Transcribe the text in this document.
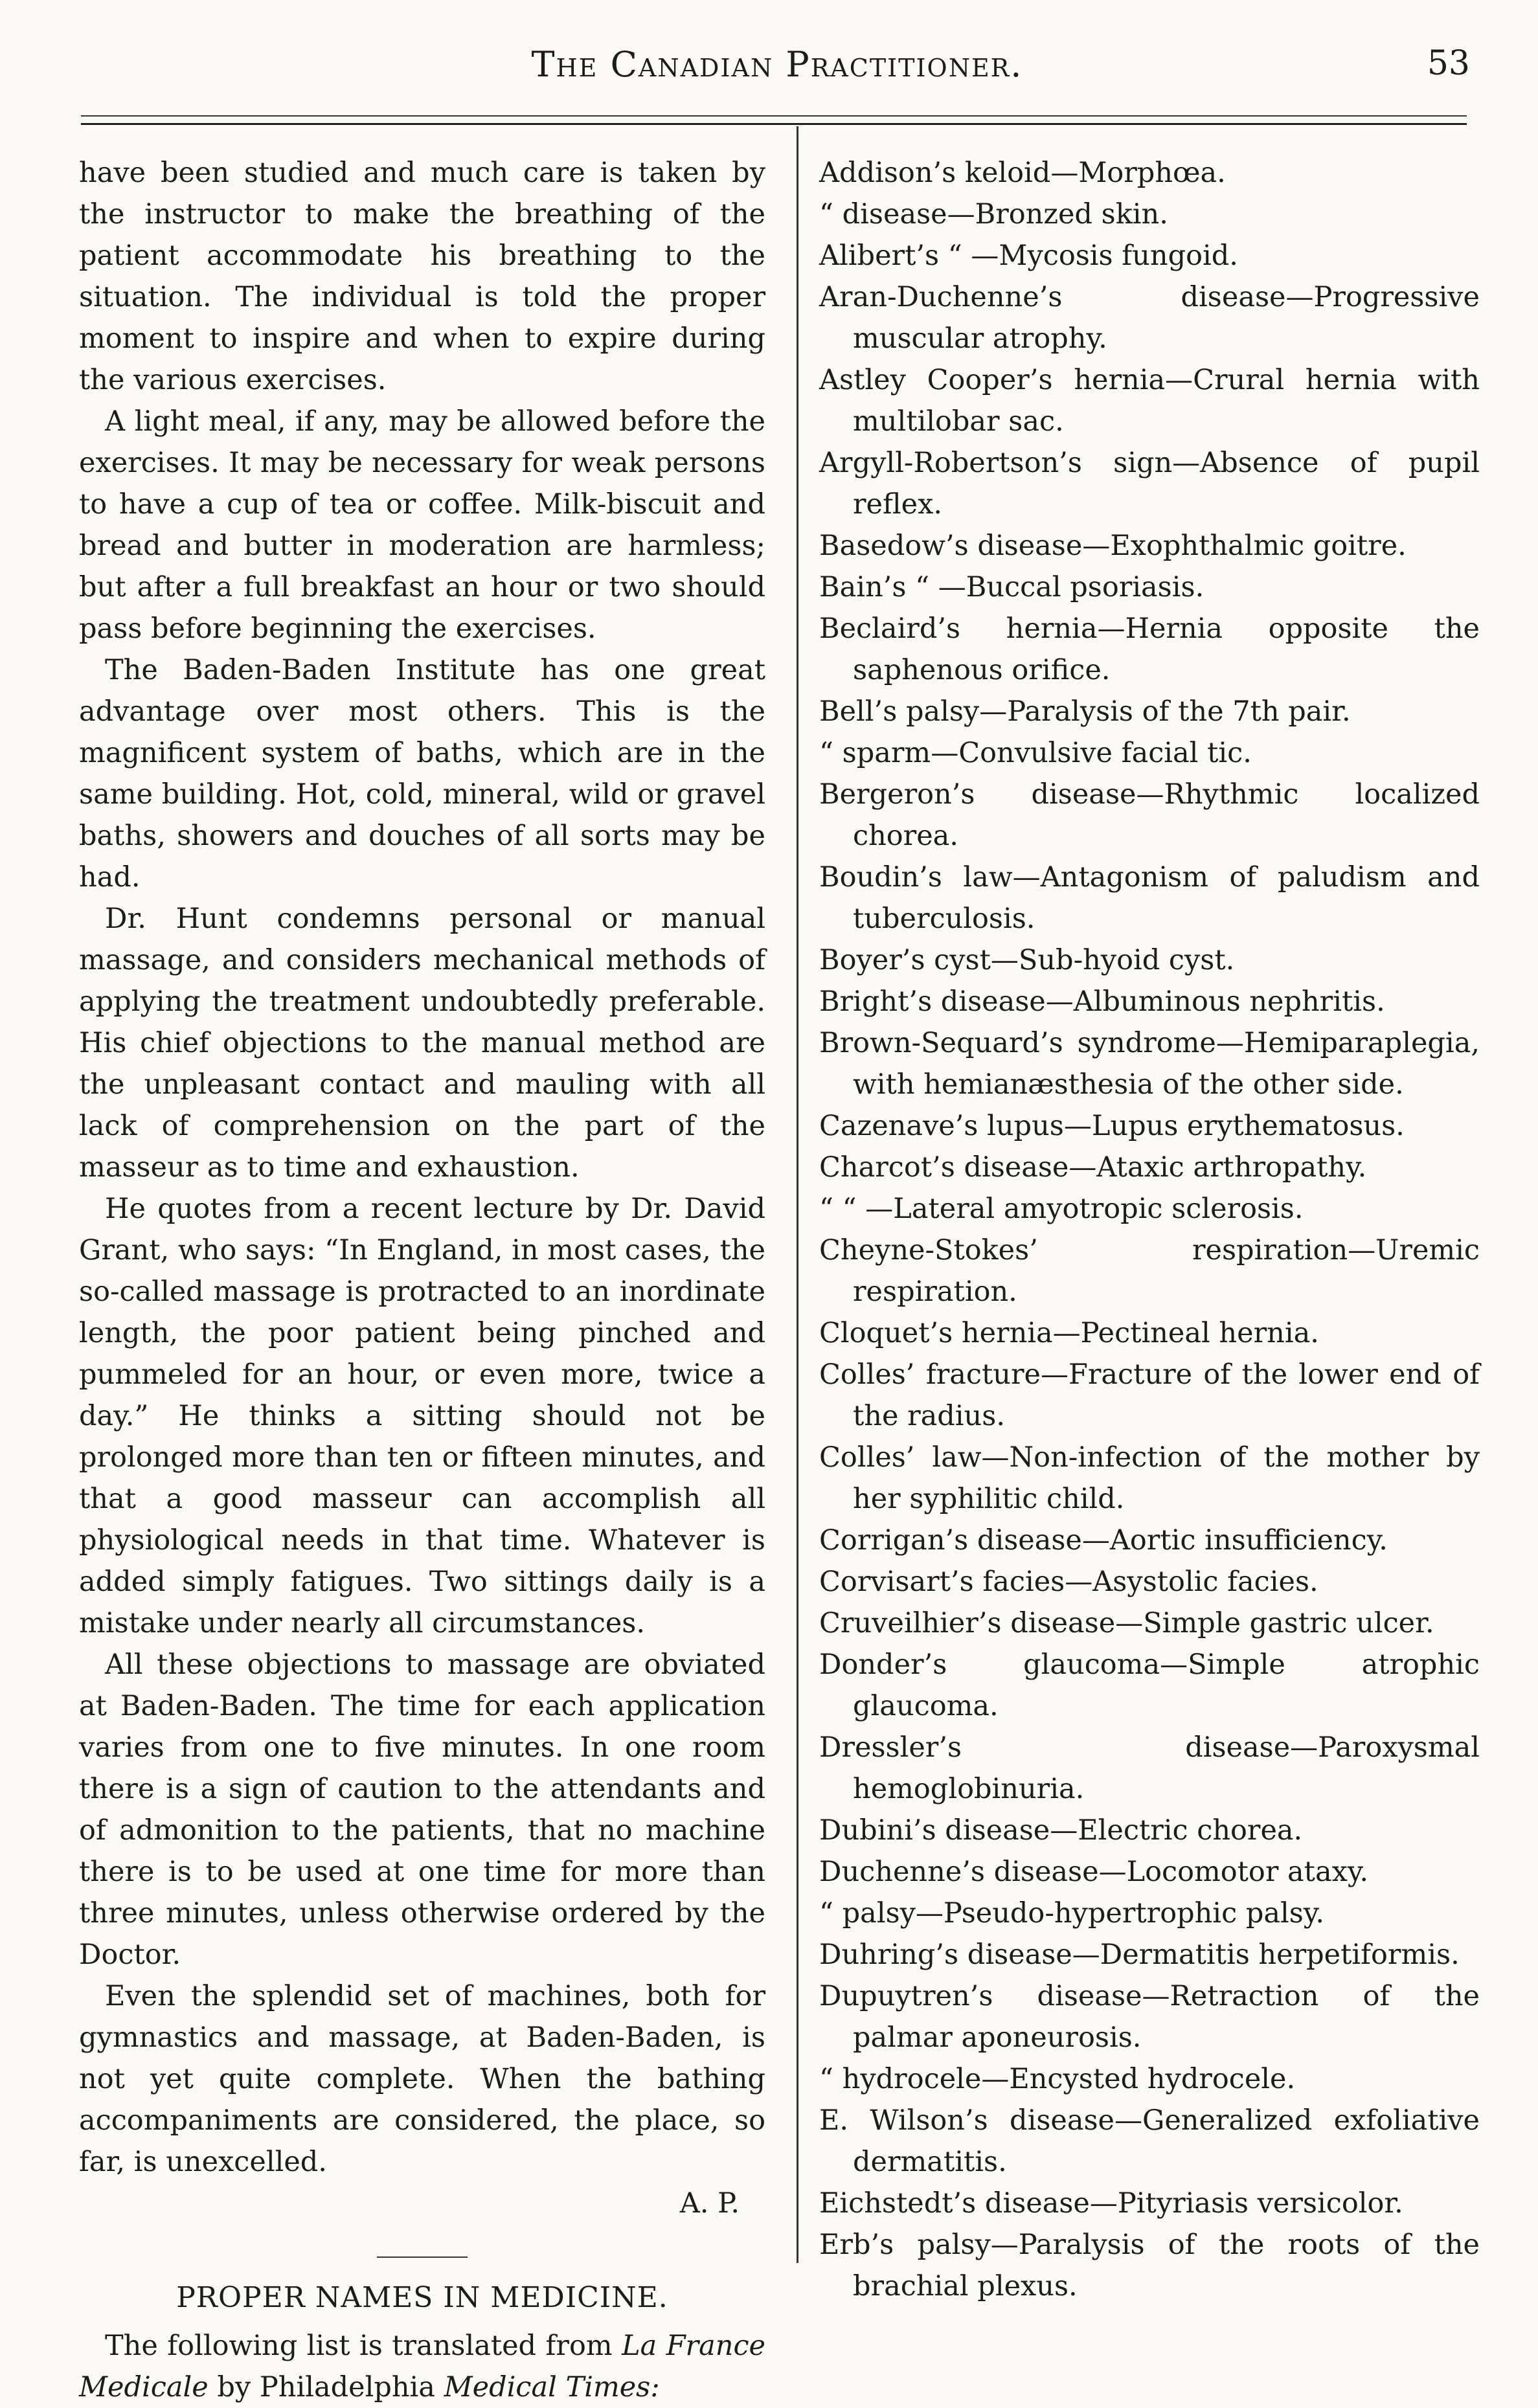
The Canadian Practitioner.	53

have been studied and much care is taken by the instructor to make the breathing of the patient accommodate his breathing to the situation. The individual is told the proper moment to inspire and when to expire during the various exercises.

A light meal, if any, may be allowed before the exercises. It may be necessary for weak persons to have a cup of tea or coffee. Milk-biscuit and bread and butter in moderation are harmless; but after a full breakfast an hour or two should pass before beginning the exercises.

The Baden-Baden Institute has one great advantage over most others. This is the magnificent system of baths, which are in the same building. Hot, cold, mineral, wild or gravel baths, showers and douches of all sorts may be had.

Dr. Hunt condemns personal or manual massage, and considers mechanical methods of applying the treatment undoubtedly preferable. His chief objections to the manual method are the unpleasant contact and mauling with all lack of comprehension on the part of the masseur as to time and exhaustion.

He quotes from a recent lecture by Dr. David Grant, who says: “In England, in most cases, the so-called massage is protracted to an inordinate length, the poor patient being pinched and pummeled for an hour, or even more, twice a day.” He thinks a sitting should not be prolonged more than ten or fifteen minutes, and that a good masseur can accomplish all physiological needs in that time. Whatever is added simply fatigues. Two sittings daily is a mistake under nearly all circumstances.

All these objections to massage are obviated at Baden-Baden. The time for each application varies from one to five minutes. In one room there is a sign of caution to the attendants and of admonition to the patients, that no machine there is to be used at one time for more than three minutes, unless otherwise ordered by the Doctor.

Even the splendid set of machines, both for gymnastics and massage, at Baden-Baden, is not yet quite complete. When the bathing accompaniments are considered, the place, so far, is unexcelled.

A. P.

PROPER NAMES IN MEDICINE.

The following list is translated from La France Medicale by Philadelphia Medical Times:

Addison’s keloid—Morphœa.

“ disease—Bronzed skin.

Alibert’s “ —Mycosis fungoid.

Aran-Duchenne’s disease—Progressive muscular atrophy.

Astley Cooper’s hernia—Crural hernia with multilobar sac.

Argyll-Robertson’s sign—Absence of pupil reflex.

Basedow’s disease—Exophthalmic goitre.

Bain’s “ —Buccal psoriasis.

Beclaird’s hernia—Hernia opposite the saphenous orifice.

Bell’s palsy—Paralysis of the 7th pair.

“ sparm—Convulsive facial tic.

Bergeron’s disease—Rhythmic localized chorea.

Boudin’s law—Antagonism of paludism and tuberculosis.

Boyer’s cyst—Sub-hyoid cyst.

Bright’s disease—Albuminous nephritis.

Brown-Sequard’s syndrome—Hemiparaplegia, with hemianæsthesia of the other side.

Cazenave’s lupus—Lupus erythematosus.

Charcot’s disease—Ataxic arthropathy.

“ “ —Lateral amyotropic sclerosis.

Cheyne-Stokes’ respiration—Uremic respiration.

Cloquet’s hernia—Pectineal hernia.

Colles’ fracture—Fracture of the lower end of the radius.

Colles’ law—Non-infection of the mother by her syphilitic child.

Corrigan’s disease—Aortic insufficiency.

Corvisart’s facies—Asystolic facies.

Cruveilhier’s disease—Simple gastric ulcer.

Donder’s glaucoma—Simple atrophic glaucoma.

Dressler’s disease—Paroxysmal hemoglobinuria.

Dubini’s disease—Electric chorea.

Duchenne’s disease—Locomotor ataxy.

“ palsy—Pseudo-hypertrophic palsy.

Duhring’s disease—Dermatitis herpetiformis.

Dupuytren’s disease—Retraction of the palmar aponeurosis.

“ hydrocele—Encysted hydrocele.

E. Wilson’s disease—Generalized exfoliative dermatitis.

Eichstedt’s disease—Pityriasis versicolor.

Erb’s palsy—Paralysis of the roots of the brachial plexus.
